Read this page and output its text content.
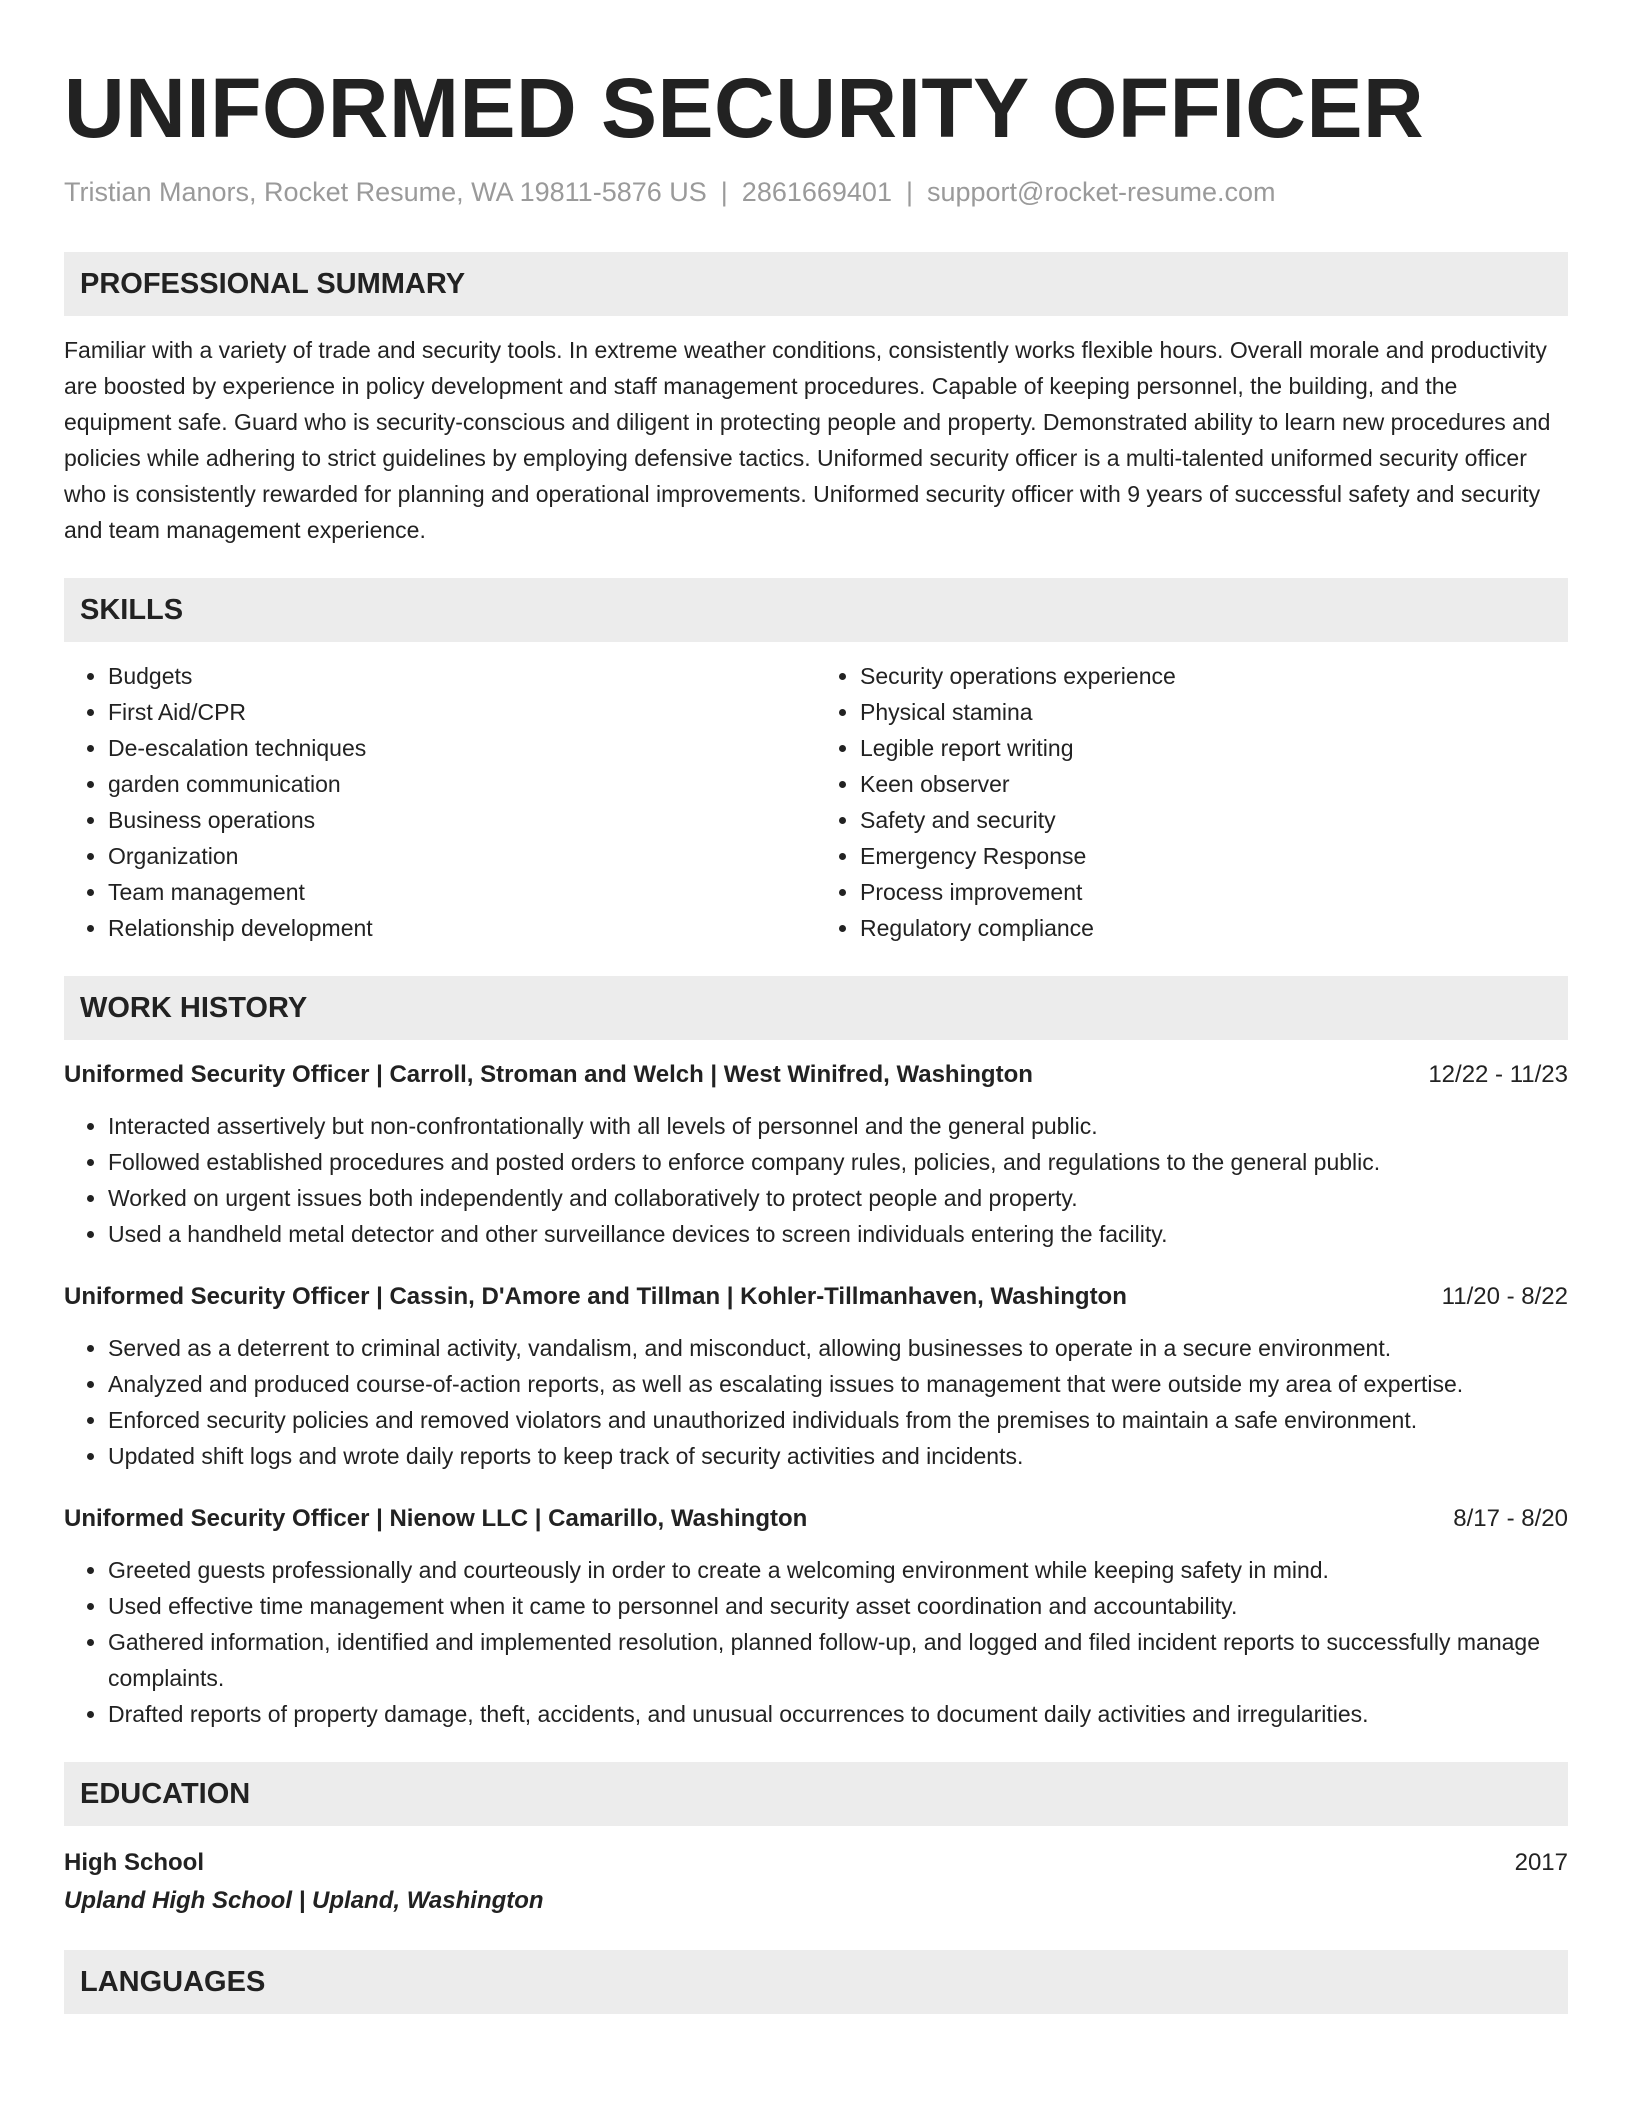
UNIFORMED SECURITY OFFICER
Tristian Manors, Rocket Resume, WA 19811-5876 US | 2861669401 | support@rocket-resume.com
PROFESSIONAL SUMMARY
Familiar with a variety of trade and security tools. In extreme weather conditions, consistently works flexible hours. Overall morale and productivity are boosted by experience in policy development and staff management procedures. Capable of keeping personnel, the building, and the equipment safe. Guard who is security-conscious and diligent in protecting people and property. Demonstrated ability to learn new procedures and policies while adhering to strict guidelines by employing defensive tactics. Uniformed security officer is a multi-talented uniformed security officer who is consistently rewarded for planning and operational improvements. Uniformed security officer with 9 years of successful safety and security and team management experience.
SKILLS
• Budgets
• First Aid/CPR
• De-escalation techniques
• garden communication
• Business operations
• Organization
• Team management
• Relationship development
• Security operations experience
• Physical stamina
• Legible report writing
• Keen observer
• Safety and security
• Emergency Response
• Process improvement
• Regulatory compliance
WORK HISTORY
Uniformed Security Officer | Carroll, Stroman and Welch | West Winifred, Washington	12/22 - 11/23
• Interacted assertively but non-confrontationally with all levels of personnel and the general public.
• Followed established procedures and posted orders to enforce company rules, policies, and regulations to the general public.
• Worked on urgent issues both independently and collaboratively to protect people and property.
• Used a handheld metal detector and other surveillance devices to screen individuals entering the facility.
Uniformed Security Officer | Cassin, D'Amore and Tillman | Kohler-Tillmanhaven, Washington	11/20 - 8/22
• Served as a deterrent to criminal activity, vandalism, and misconduct, allowing businesses to operate in a secure environment.
• Analyzed and produced course-of-action reports, as well as escalating issues to management that were outside my area of expertise.
• Enforced security policies and removed violators and unauthorized individuals from the premises to maintain a safe environment.
• Updated shift logs and wrote daily reports to keep track of security activities and incidents.
Uniformed Security Officer | Nienow LLC | Camarillo, Washington	8/17 - 8/20
• Greeted guests professionally and courteously in order to create a welcoming environment while keeping safety in mind.
• Used effective time management when it came to personnel and security asset coordination and accountability.
• Gathered information, identified and implemented resolution, planned follow-up, and logged and filed incident reports to successfully manage complaints.
• Drafted reports of property damage, theft, accidents, and unusual occurrences to document daily activities and irregularities.
EDUCATION
High School	2017
Upland High School | Upland, Washington
LANGUAGES
